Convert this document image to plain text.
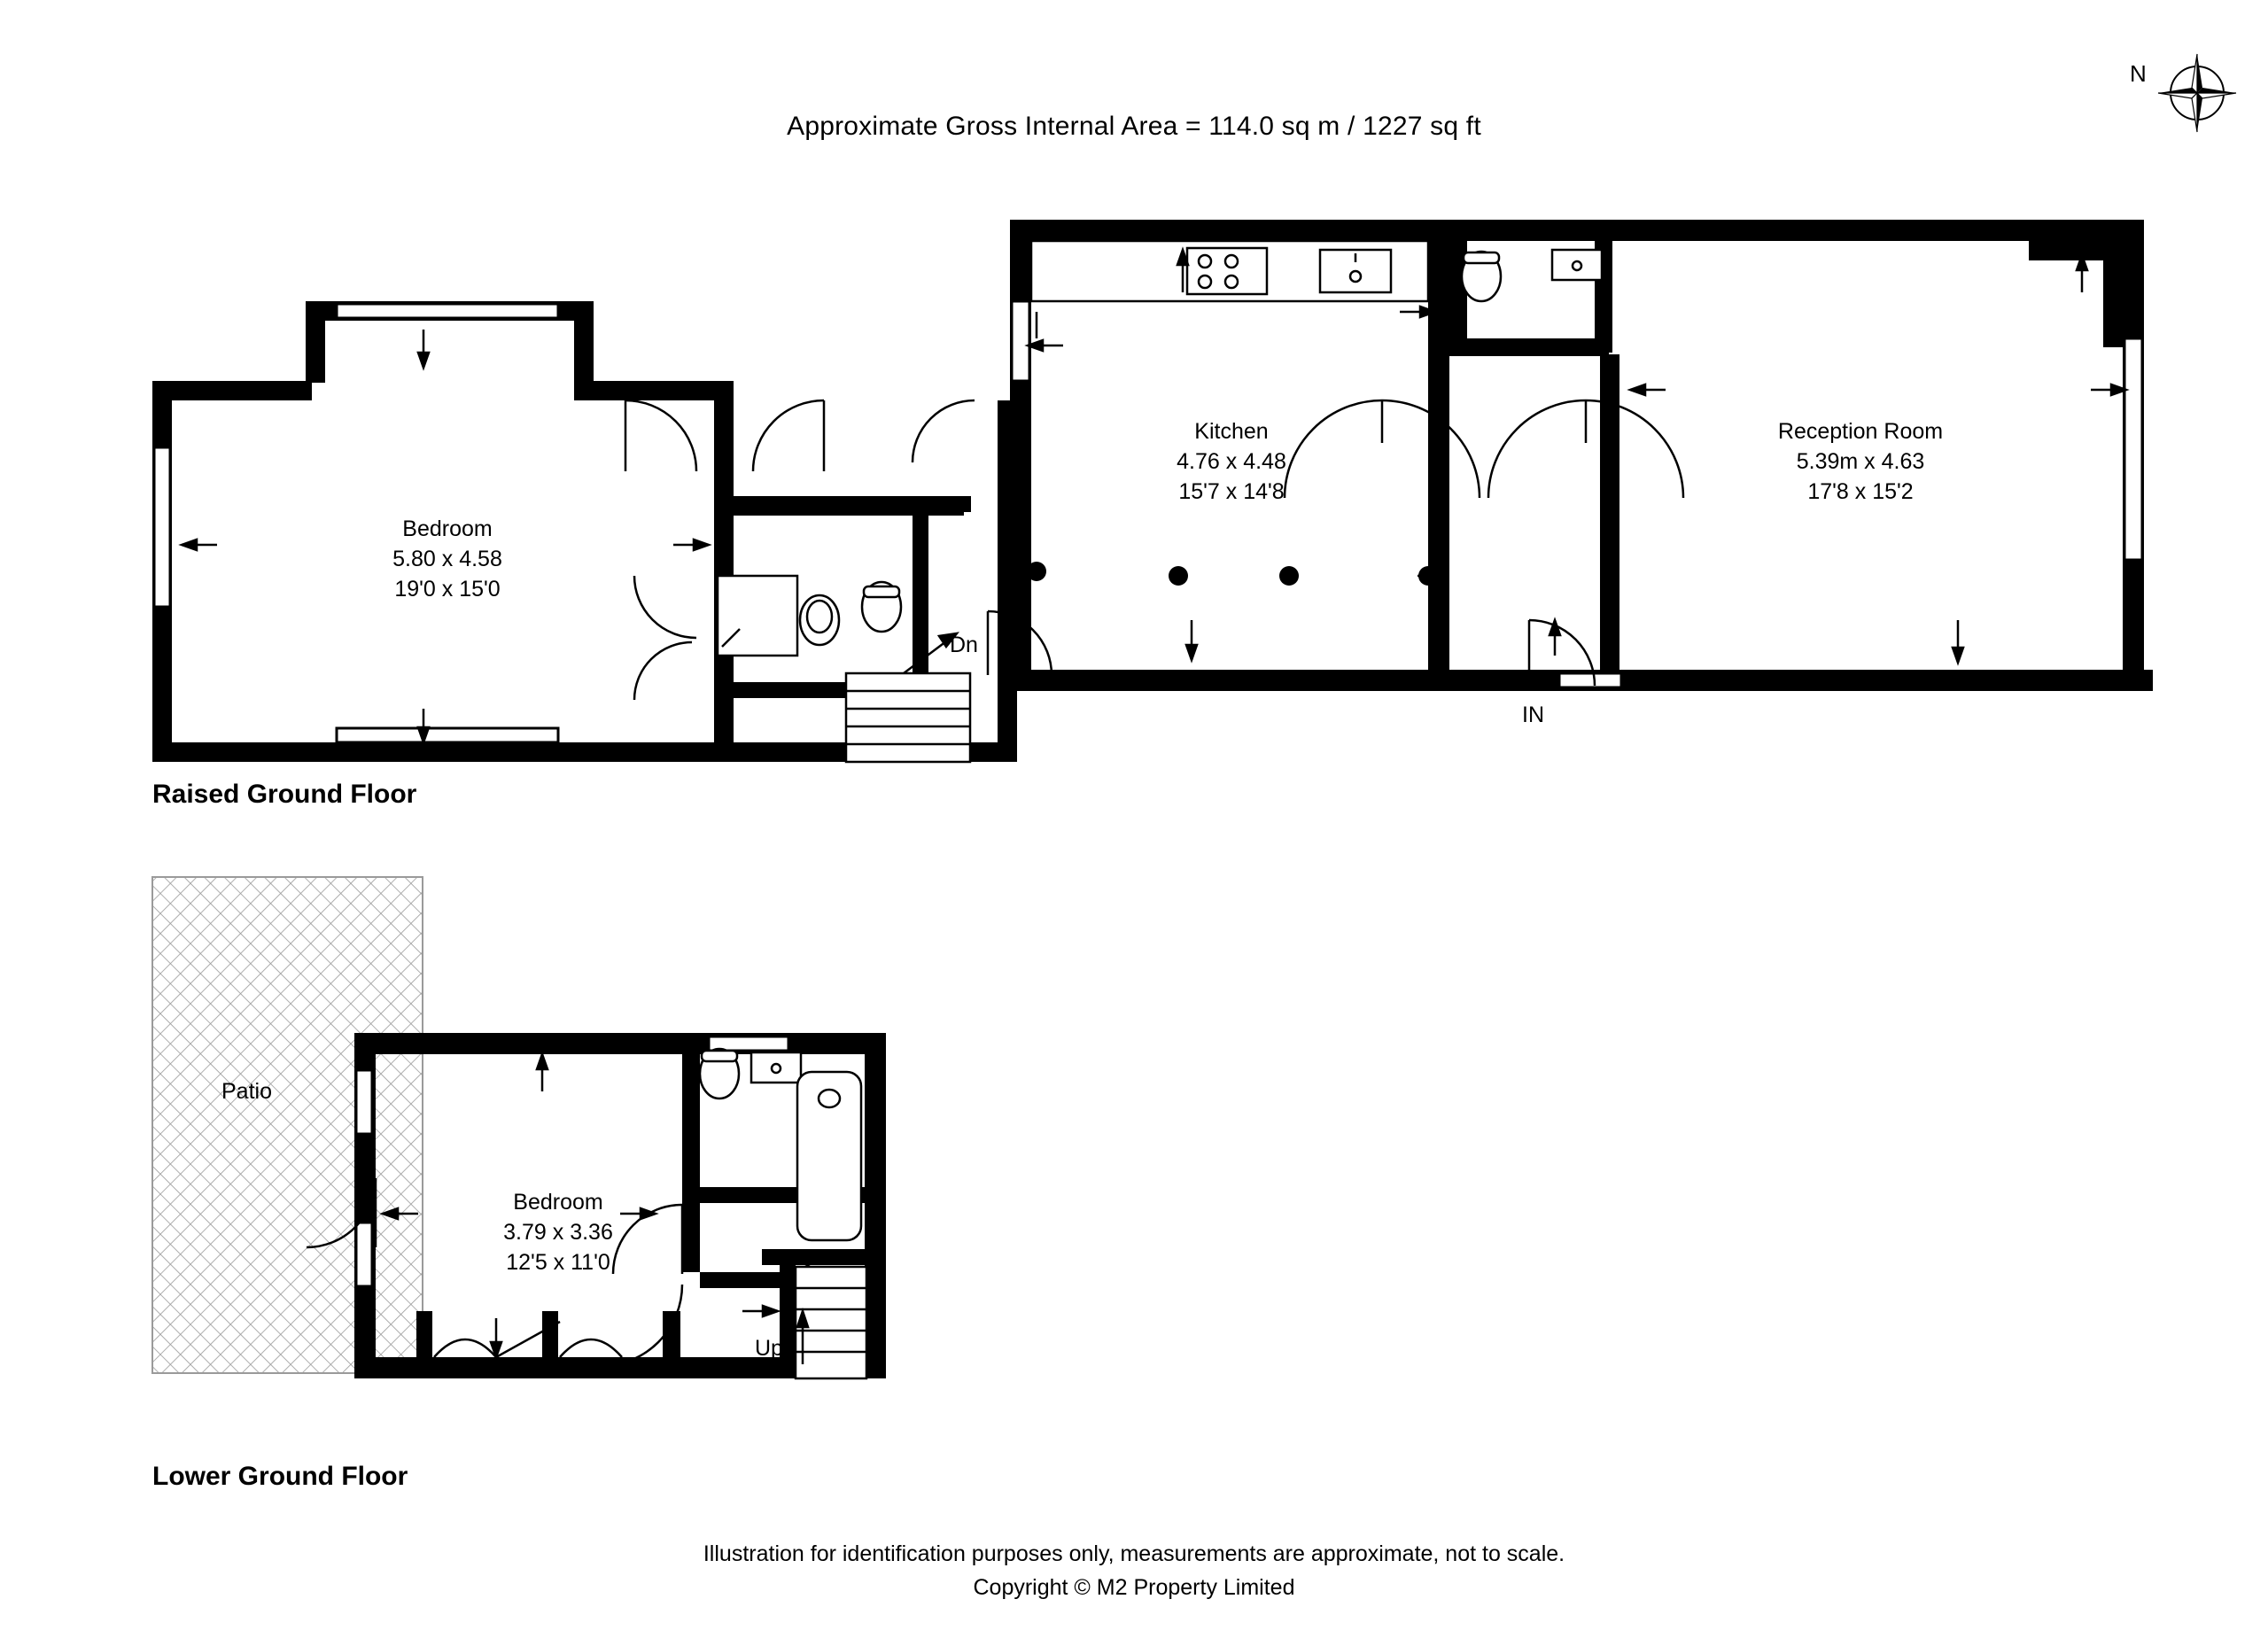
Approximate Gross Internal Area = 114.0 sq m / 1227 sq ft
N
Bedroom
5.80 x 4.58
19'0 x 15'0
Kitchen
4.76 x 4.48
15'7 x 14'8
Reception Room
5.39m x 4.63
17'8 x 15'2
Dn
IN
Raised Ground Floor
Bedroom
3.79 x 3.36
12'5 x 11'0
Patio
Up
Lower Ground Floor
Illustration for identification purposes only, measurements are approximate, not to scale.
Copyright © M2 Property Limited
